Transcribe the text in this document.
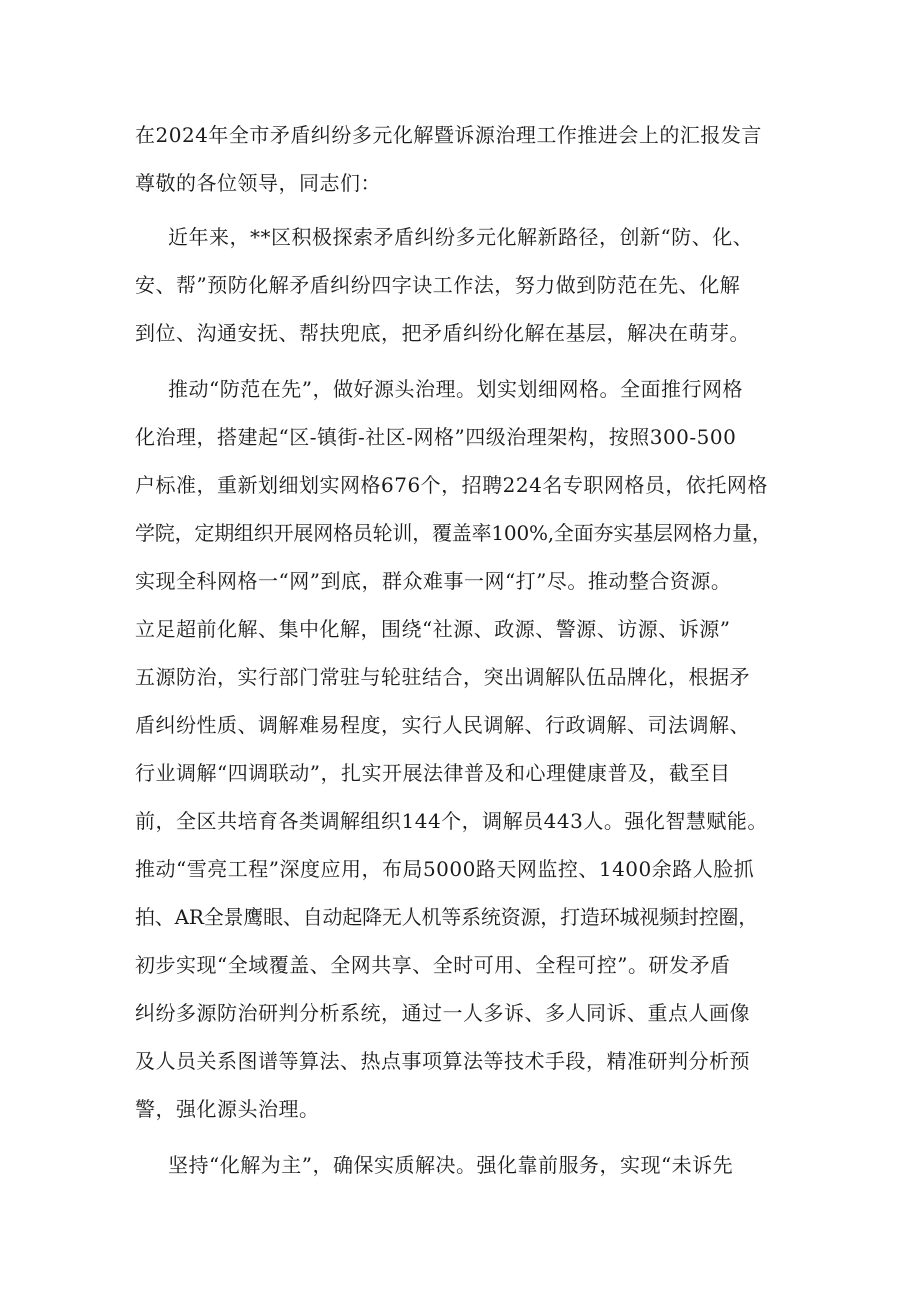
在2024年全市矛盾纠纷多元化解暨诉源治理工作推进会上的汇报发言
尊敬的各位领导，同志们：
近年来，**区积极探索矛盾纠纷多元化解新路径，创新“防、化、
安、帮”预防化解矛盾纠纷四字诀工作法，努力做到防范在先、化解
到位、沟通安抚、帮扶兜底，把矛盾纠纷化解在基层，解决在萌芽。
推动“防范在先”，做好源头治理。划实划细网格。全面推行网格
化治理，搭建起“区-镇街-社区-网格”四级治理架构，按照300-500
户标准，重新划细划实网格676个，招聘224名专职网格员，依托网格
学院，定期组织开展网格员轮训，覆盖率100%,全面夯实基层网格力量，
实现全科网格一“网”到底，群众难事一网“打”尽。推动整合资源。
立足超前化解、集中化解，围绕“社源、政源、警源、访源、诉源”
五源防治，实行部门常驻与轮驻结合，突出调解队伍品牌化，根据矛
盾纠纷性质、调解难易程度，实行人民调解、行政调解、司法调解、
行业调解“四调联动”，扎实开展法律普及和心理健康普及，截至目
前，全区共培育各类调解组织144个，调解员443人。强化智慧赋能。
推动“雪亮工程”深度应用，布局5000路天网监控、1400余路人脸抓
拍、AR全景鹰眼、自动起降无人机等系统资源，打造环城视频封控圈，
初步实现“全域覆盖、全网共享、全时可用、全程可控”。研发矛盾
纠纷多源防治研判分析系统，通过一人多诉、多人同诉、重点人画像
及人员关系图谱等算法、热点事项算法等技术手段，精准研判分析预
警，强化源头治理。
坚持“化解为主”，确保实质解决。强化靠前服务，实现“未诉先
